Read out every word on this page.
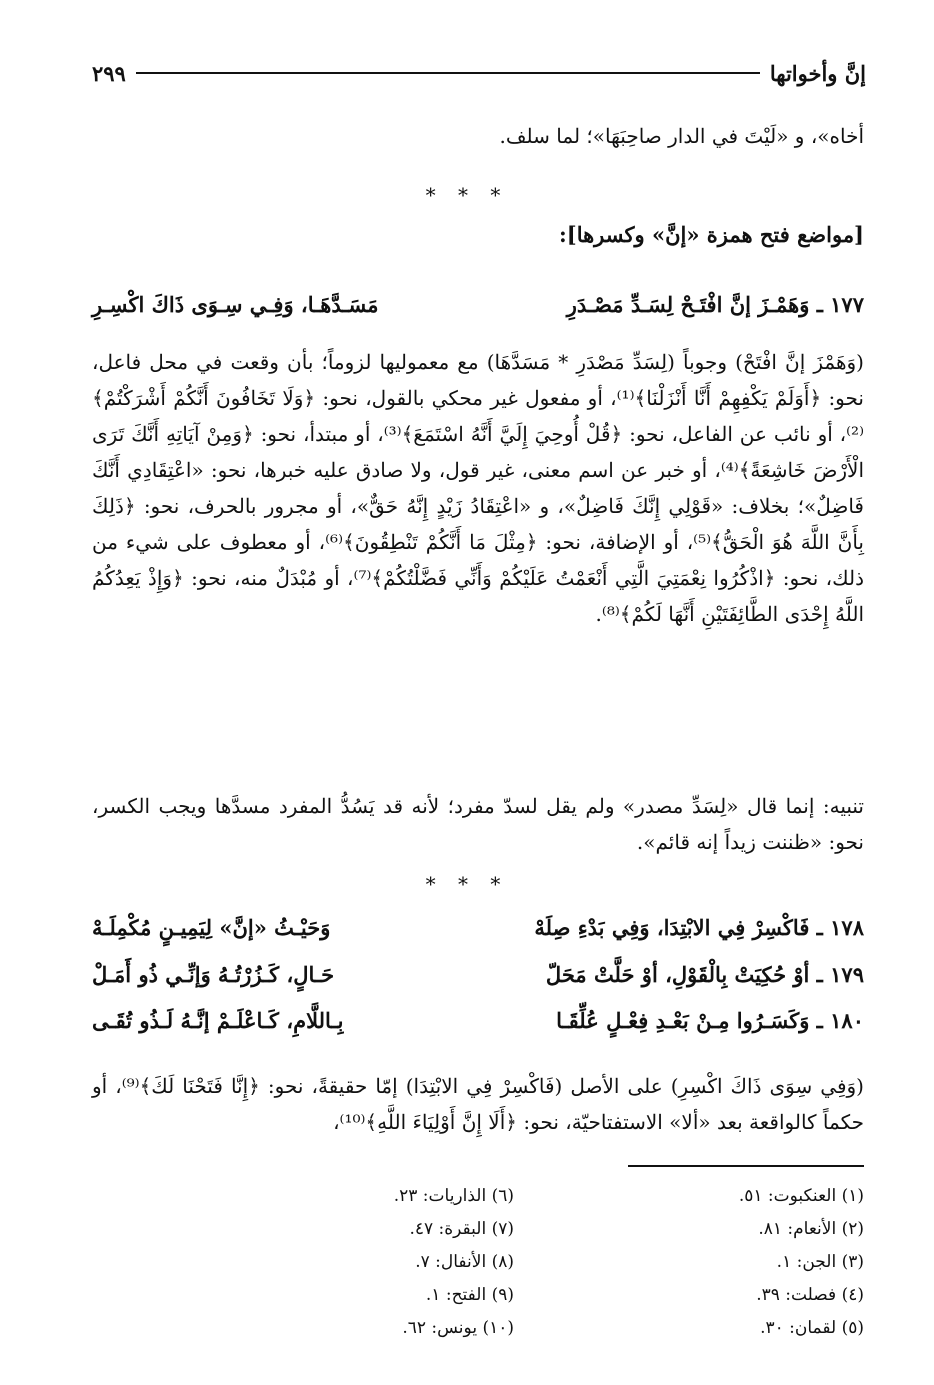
إنَّ وأخواتها
٢٩٩
أخاه»، و «لَيْتَ في الدار صاحِبَهَا»؛ لما سلف.
* * *
[مواضع فتح همزة «إنَّ» وكسرها]:
١٧٧ ـ وَهَمْـزَ إنَّ افْتَـحْ لِسَـدِّ مَصْـدَرِ
مَسَـدَّهَـا، وَفِـي سِـوَى ذَاكَ اكْسِـرِ
(وَهَمْزَ إنَّ افْتَحْ) وجوباً (لِسَدِّ مَصْدَرِ * مَسَدَّهَا) مع معموليها لزوماً؛ بأن وقعت في محل فاعل، نحو: ﴿أَوَلَمْ يَكْفِهِمْ أَنَّا أَنْزَلْنَا﴾⁽¹⁾، أو مفعول غير محكي بالقول، نحو: ﴿وَلَا تَخَافُونَ أَنَّكُمْ أَشْرَكْتُمْ﴾⁽²⁾، أو نائب عن الفاعل، نحو: ﴿قُلْ أُوحِيَ إِلَيَّ أَنَّهُ اسْتَمَعَ﴾⁽³⁾، أو مبتدأ، نحو: ﴿وَمِنْ آيَاتِهِ أَنَّكَ تَرَى الْأَرْضَ خَاشِعَةً﴾⁽⁴⁾، أو خبر عن اسم معنى، غير قول، ولا صادق عليه خبرها، نحو: «اعْتِقَادِي أَنَّكَ فَاضِلٌ»؛ بخلاف: «قَوْلِي إِنَّكَ فَاضِلٌ»، و «اعْتِقَادُ زَيْدٍ إِنَّهُ حَقٌّ»، أو مجرور بالحرف، نحو: ﴿ذَلِكَ بِأَنَّ اللَّهَ هُوَ الْحَقُّ﴾⁽⁵⁾، أو الإضافة، نحو: ﴿مِثْلَ مَا أَنَّكُمْ تَنْطِقُونَ﴾⁽⁶⁾، أو معطوف على شيء من ذلك، نحو: ﴿اذْكُرُوا نِعْمَتِيَ الَّتِي أَنْعَمْتُ عَلَيْكُمْ وَأَنِّي فَضَّلْتُكُمْ﴾⁽⁷⁾، أو مُبْدَلٌ منه، نحو: ﴿وَإِذْ يَعِدُكُمُ اللَّهُ إِحْدَى الطَّائِفَتَيْنِ أَنَّهَا لَكُمْ﴾⁽⁸⁾.
تنبيه: إنما قال «لِسَدِّ مصدر» ولم يقل لسدّ مفرد؛ لأنه قد يَسُدُّ المفرد مسدَّها ويجب الكسر، نحو: «ظننت زيداً إنه قائم».
* * *
١٧٨ ـ فَاكْسِرْ فِي الابْتِدَا، وَفِي بَدْءِ صِلَهْ
وَحَيْـثُ «إنَّ» لِيَمِيـنٍ مُكْمِلَـهْ
١٧٩ ـ أوْ حُكِيَتْ بِالْقَوْلِ، أوْ حَلَّتْ مَحَلّ
حَـالٍ، كَـزُرْتُـهُ وَإنِّـي ذُو أَمَـلْ
١٨٠ ـ وَكَسَـرُوا مِـنْ بَعْـدِ فِعْـلٍ عُلِّقَـا
بِـاللَّامِ، كَـاعْلَـمْ إنَّـهُ لَـذُو تُقَـى
(وَفِي سِوَى ذَاكَ اكْسِرِ) على الأصل (فَاكْسِرْ فِي الابْتِدَا) إمّا حقيقةً، نحو: ﴿إِنَّا فَتَحْنَا لَكَ﴾⁽⁹⁾، أو حكماً كالواقعة بعد «ألا» الاستفتاحيّة، نحو: ﴿أَلَا إِنَّ أَوْلِيَاءَ اللَّهِ﴾⁽¹⁰⁾،
(١) العنكبوت: ٥١.
(٢) الأنعام: ٨١.
(٣) الجن: ١.
(٤) فصلت: ٣٩.
(٥) لقمان: ٣٠.
(٦) الذاريات: ٢٣.
(٧) البقرة: ٤٧.
(٨) الأنفال: ٧.
(٩) الفتح: ١.
(١٠) يونس: ٦٢.
